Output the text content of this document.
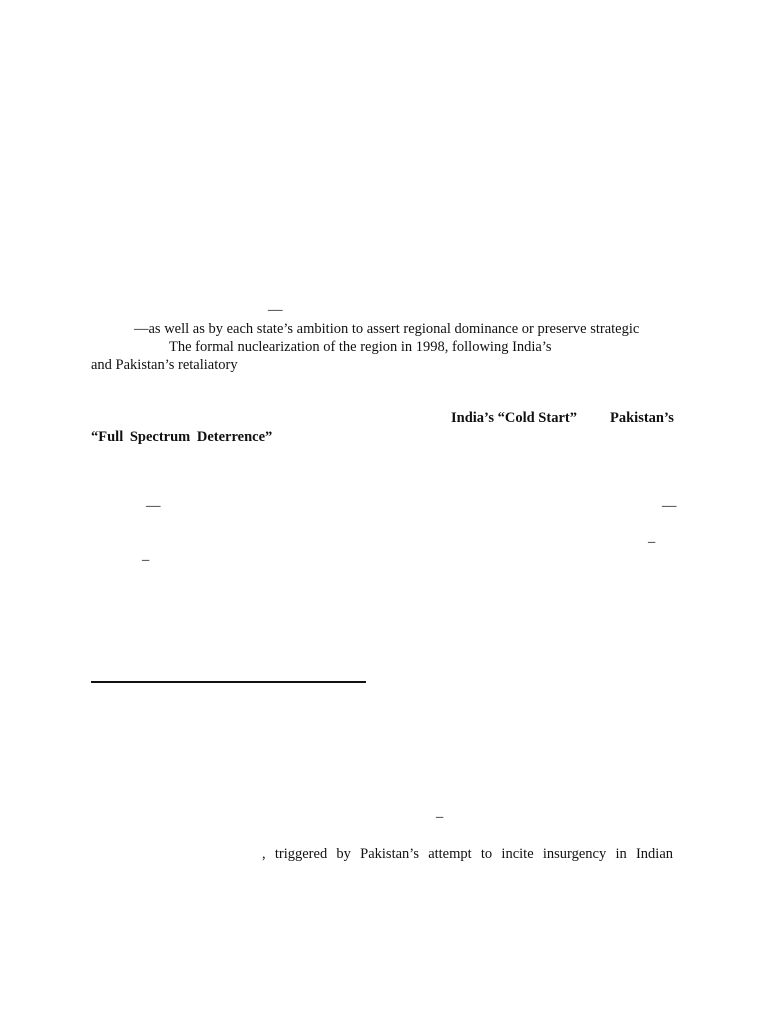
—
—as well as by each state’s ambition to assert regional dominance or preserve strategic
The formal nuclearization of the region in 1998, following India’s
and Pakistan’s retaliatory
India’s “Cold Start” Pakistan’s
“Full Spectrum Deterrence”
—	—
–
–
–
, triggered by Pakistan’s attempt to incite insurgency in Indian
